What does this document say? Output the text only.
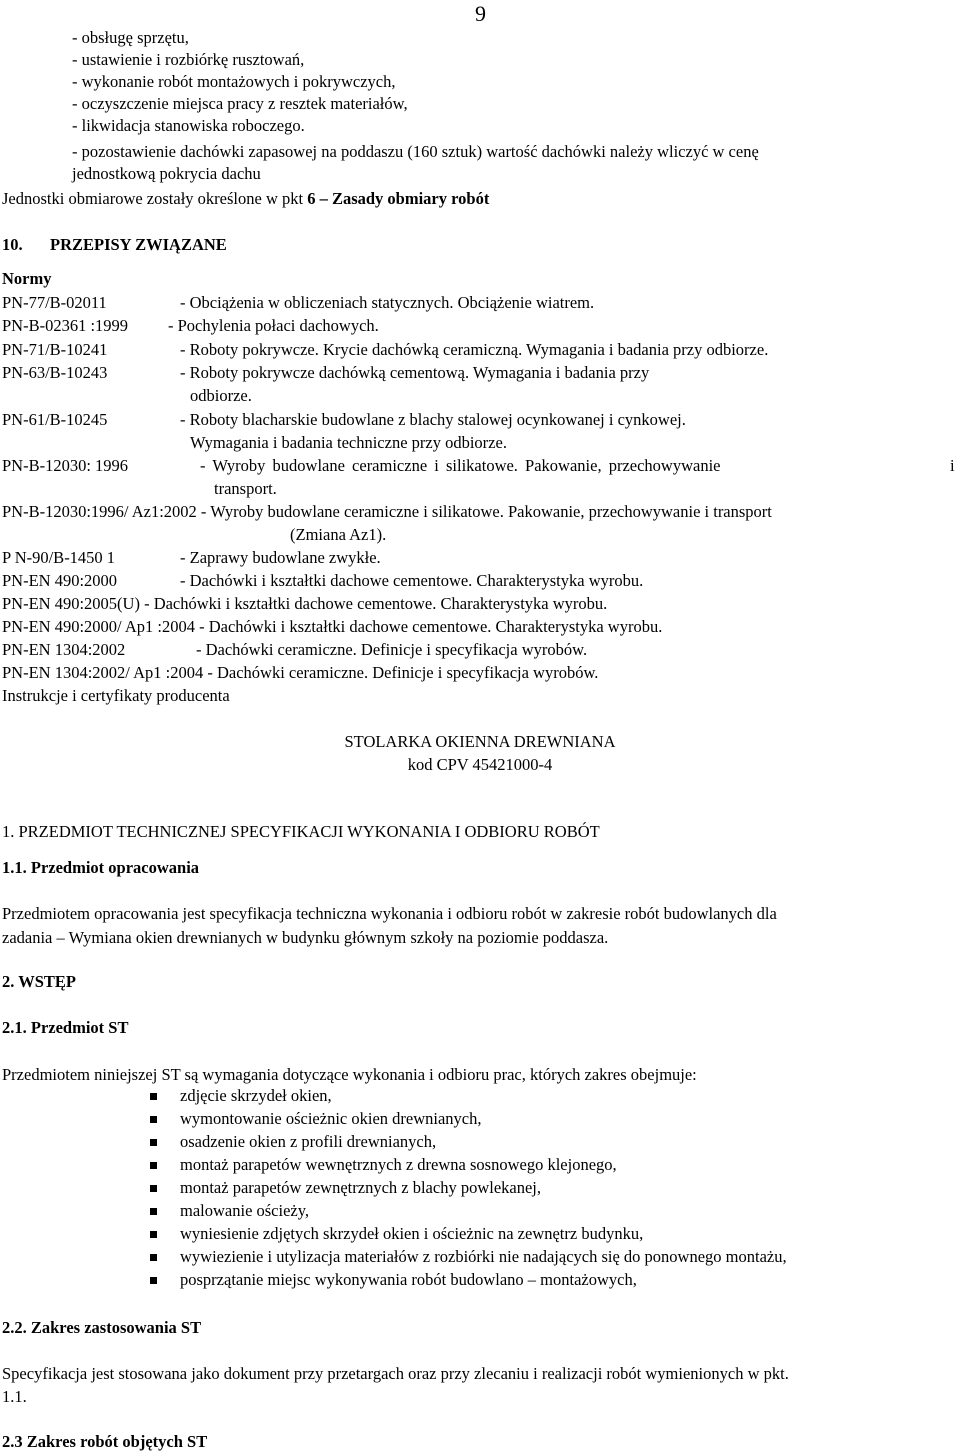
9
- obsługę sprzętu,
- ustawienie i rozbiórkę rusztowań,
- wykonanie robót montażowych i pokrywczych,
- oczyszczenie miejsca pracy z resztek materiałów,
- likwidacja stanowiska roboczego.
- pozostawienie dachówki zapasowej na poddaszu (160 sztuk) wartość dachówki należy wliczyć w cenę
jednostkową pokrycia dachu
Jednostki obmiarowe zostały określone w pkt 6 – Zasady obmiary robót
10. PRZEPISY ZWIĄZANE
Normy
PN-77/B-02011	- Obciążenia w obliczeniach statycznych. Obciążenie wiatrem.
PN-B-02361 :1999 - Pochylenia połaci dachowych.
PN-71/B-10241	- Roboty pokrywcze. Krycie dachówką ceramiczną. Wymagania i badania przy odbiorze.
PN-63/B-10243	- Roboty pokrywcze dachówką cementową. Wymagania i badania przy
odbiorze.
PN-61/B-10245	- Roboty blacharskie budowlane z blachy stalowej ocynkowanej i cynkowej.
Wymagania i badania techniczne przy odbiorze.
PN-B-12030: 1996	- Wyroby budowlane ceramiczne i silikatowe. Pakowanie, przechowywanie	i
transport.
PN-B-12030:1996/ Az1:2002 - Wyroby budowlane ceramiczne i silikatowe. Pakowanie, przechowywanie i transport
(Zmiana Az1).
P N-90/B-1450 1	- Zaprawy budowlane zwykłe.
PN-EN 490:2000	- Dachówki i kształtki dachowe cementowe. Charakterystyka wyrobu.
PN-EN 490:2005(U) - Dachówki i kształtki dachowe cementowe. Charakterystyka wyrobu.
PN-EN 490:2000/ Ap1 :2004 - Dachówki i kształtki dachowe cementowe. Charakterystyka wyrobu.
PN-EN 1304:2002	- Dachówki ceramiczne. Definicje i specyfikacja wyrobów.
PN-EN 1304:2002/ Ap1 :2004 - Dachówki ceramiczne. Definicje i specyfikacja wyrobów.
Instrukcje i certyfikaty producenta
STOLARKA OKIENNA DREWNIANA
kod CPV 45421000-4
1. PRZEDMIOT TECHNICZNEJ SPECYFIKACJI WYKONANIA I ODBIORU ROBÓT
1.1. Przedmiot opracowania
Przedmiotem opracowania jest specyfikacja techniczna wykonania i odbioru robót w zakresie robót budowlanych dla
zadania – Wymiana okien drewnianych w budynku głównym szkoły na poziomie poddasza.
2. WSTĘP
2.1. Przedmiot ST
Przedmiotem niniejszej ST są wymagania dotyczące wykonania i odbioru prac, których zakres obejmuje:
zdjęcie skrzydeł okien,
wymontowanie ościeżnic okien drewnianych,
osadzenie okien z profili drewnianych,
montaż parapetów wewnętrznych z drewna sosnowego klejonego,
montaż parapetów zewnętrznych z blachy powlekanej,
malowanie ościeży,
wyniesienie zdjętych skrzydeł okien i ościeżnic na zewnętrz budynku,
wywiezienie i utylizacja materiałów z rozbiórki nie nadających się do ponownego montażu,
posprzątanie miejsc wykonywania robót budowlano – montażowych,
2.2. Zakres zastosowania ST
Specyfikacja jest stosowana jako dokument przy przetargach oraz przy zlecaniu i realizacji robót wymienionych w pkt.
1.1.
2.3 Zakres robót objętych ST
